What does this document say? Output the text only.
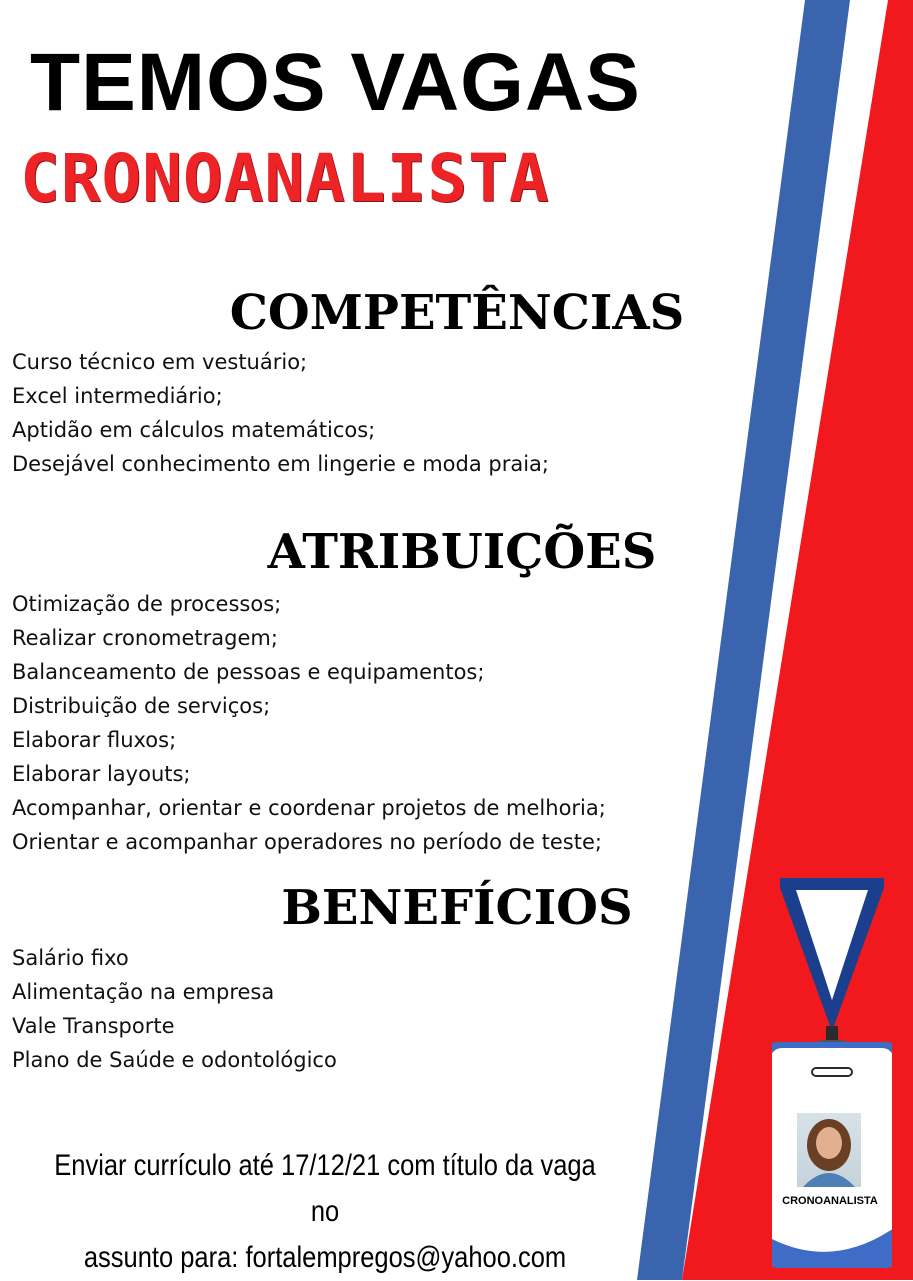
TEMOS VAGAS
CRONOANALISTA
COMPETÊNCIAS
Curso técnico em vestuário;
Excel intermediário;
Aptidão em cálculos matemáticos;
Desejável conhecimento em lingerie e moda praia;
ATRIBUIÇÕES
Otimização de processos;
Realizar cronometragem;
Balanceamento de pessoas e equipamentos;
Distribuição de serviços;
Elaborar fluxos;
Elaborar layouts;
Acompanhar, orientar e coordenar projetos de melhoria;
Orientar e acompanhar operadores no período de teste;
BENEFÍCIOS
Salário fixo
Alimentação na empresa
Vale Transporte
Plano de Saúde e odontológico
Enviar currículo até 17/12/21 com título da vaga no
assunto para: fortalempregos@yahoo.com
CRONOANALISTA
